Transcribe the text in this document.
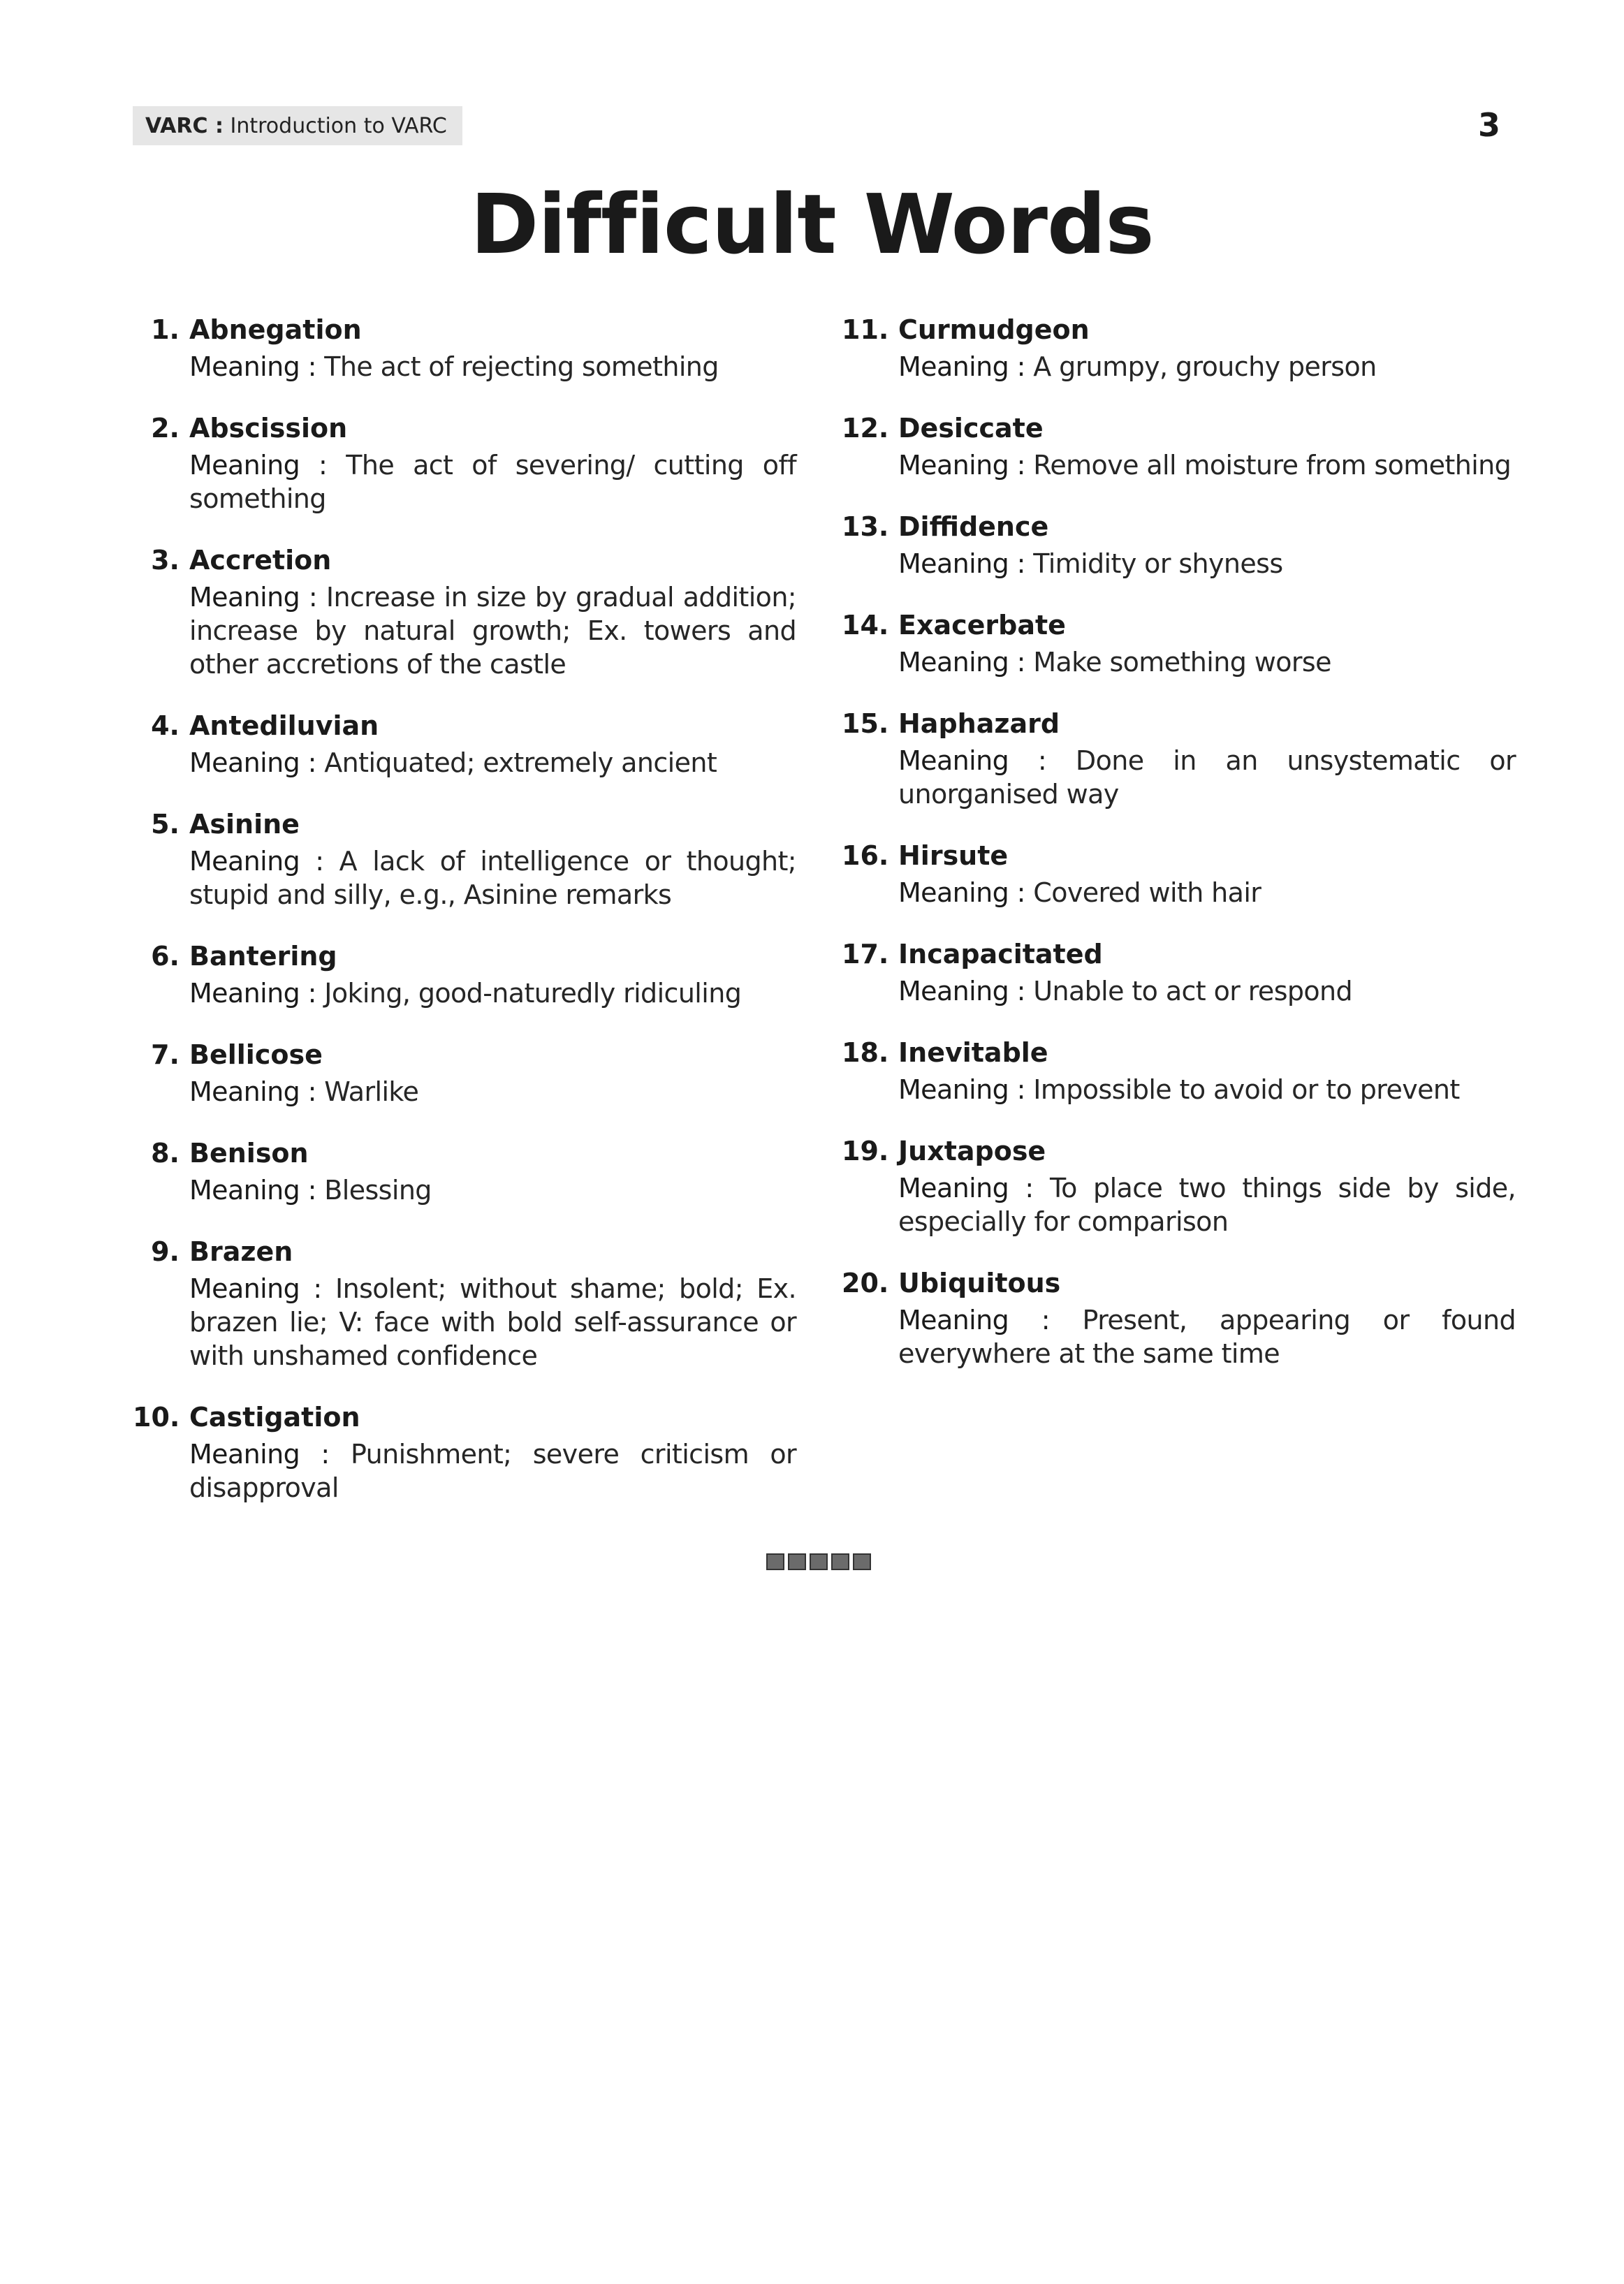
VARC : Introduction to VARC	3
Difficult Words
1. Abnegation
Meaning : The act of rejecting something
2. Abscission
Meaning : The act of severing/ cutting off something
3. Accretion
Meaning : Increase in size by gradual addition; increase by natural growth; Ex. towers and other accretions of the castle
4. Antediluvian
Meaning : Antiquated; extremely ancient
5. Asinine
Meaning : A lack of intelligence or thought; stupid and silly, e.g., Asinine remarks
6. Bantering
Meaning : Joking, good-naturedly ridiculing
7. Bellicose
Meaning : Warlike
8. Benison
Meaning : Blessing
9. Brazen
Meaning : Insolent; without shame; bold; Ex. brazen lie; V: face with bold self-assurance or with unshamed confidence
10. Castigation
Meaning : Punishment; severe criticism or disapproval
11. Curmudgeon
Meaning : A grumpy, grouchy person
12. Desiccate
Meaning : Remove all moisture from something
13. Diffidence
Meaning : Timidity or shyness
14. Exacerbate
Meaning : Make something worse
15. Haphazard
Meaning : Done in an unsystematic or unorganised way
16. Hirsute
Meaning : Covered with hair
17. Incapacitated
Meaning : Unable to act or respond
18. Inevitable
Meaning : Impossible to avoid or to prevent
19. Juxtapose
Meaning : To place two things side by side, especially for comparison
20. Ubiquitous
Meaning : Present, appearing or found everywhere at the same time
